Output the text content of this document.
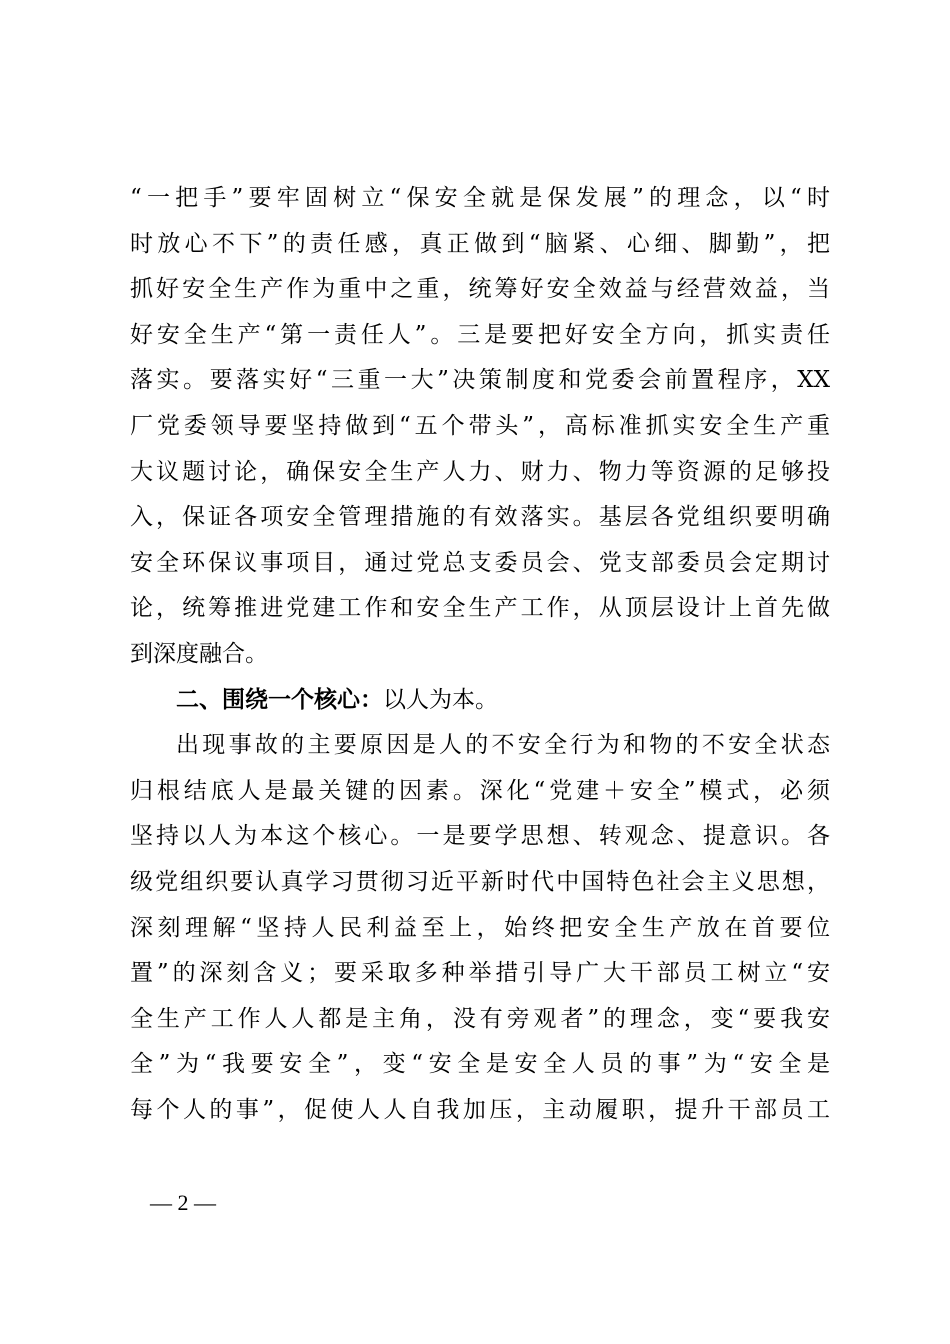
“一把手”要牢固树立“保安全就是保发展”的理念，以“时
时放心不下”的责任感，真正做到“脑紧、心细、脚勤”，把
抓好安全生产作为重中之重，统筹好安全效益与经营效益，当
好安全生产“第一责任人”。三是要把好安全方向，抓实责任
落实。要落实好“三重一大”决策制度和党委会前置程序，XX
厂党委领导要坚持做到“五个带头”，高标准抓实安全生产重
大议题讨论，确保安全生产人力、财力、物力等资源的足够投
入，保证各项安全管理措施的有效落实。基层各党组织要明确
安全环保议事项目，通过党总支委员会、党支部委员会定期讨
论，统筹推进党建工作和安全生产工作，从顶层设计上首先做
到深度融合。
二、围绕一个核心：以人为本。
出现事故的主要原因是人的不安全行为和物的不安全状态
归根结底人是最关键的因素。深化“党建＋安全”模式，必须
坚持以人为本这个核心。一是要学思想、转观念、提意识。各
级党组织要认真学习贯彻习近平新时代中国特色社会主义思想，
深刻理解“坚持人民利益至上，始终把安全生产放在首要位
置”的深刻含义；要采取多种举措引导广大干部员工树立“安
全生产工作人人都是主角，没有旁观者”的理念，变“要我安
全”为“我要安全”，变“安全是安全人员的事”为“安全是
每个人的事”，促使人人自我加压，主动履职，提升干部员工
— 2 —
